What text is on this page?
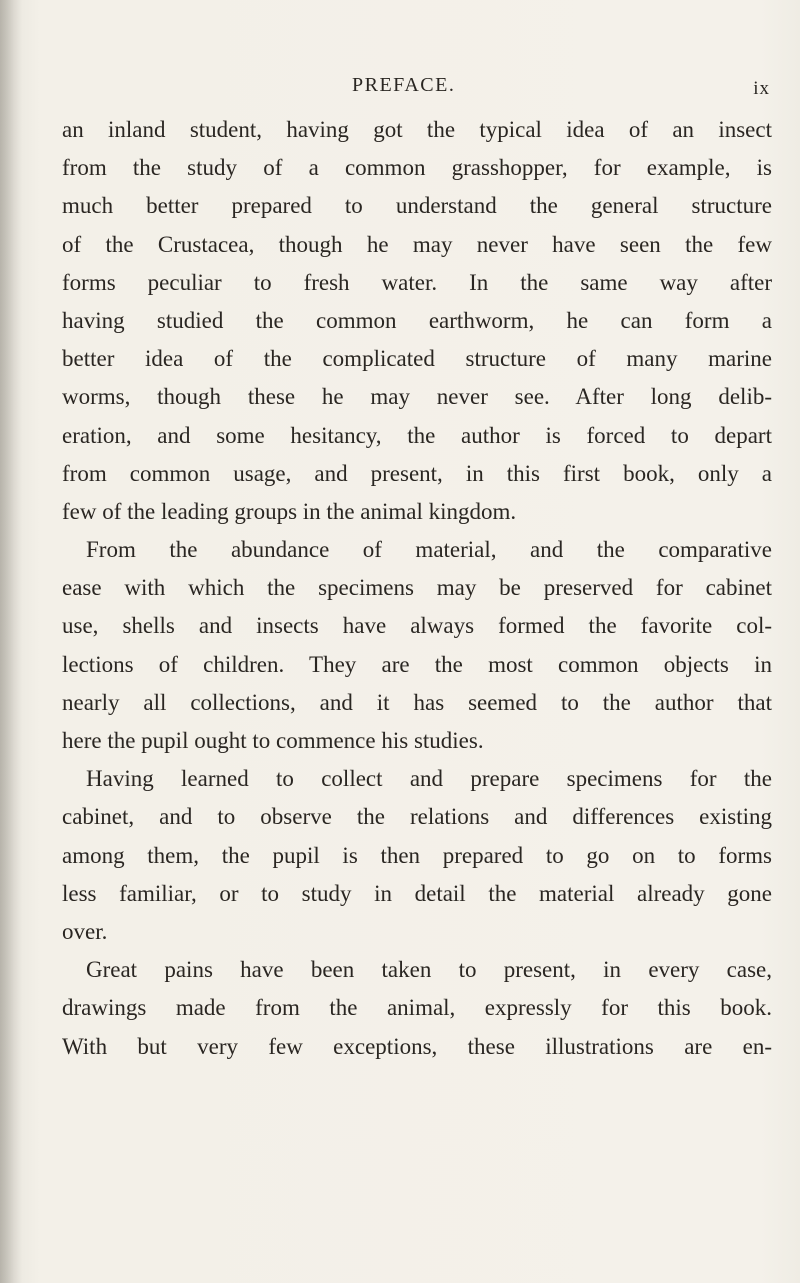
PREFACE.	ix
an inland student, having got the typical idea of an insect
from the study of a common grasshopper, for example, is
much better prepared to understand the general structure
of the Crustacea, though he may never have seen the few
forms peculiar to fresh water. In the same way after
having studied the common earthworm, he can form a
better idea of the complicated structure of many marine
worms, though these he may never see. After long delib-
eration, and some hesitancy, the author is forced to depart
from common usage, and present, in this first book, only a
few of the leading groups in the animal kingdom.
From the abundance of material, and the comparative
ease with which the specimens may be preserved for cabinet
use, shells and insects have always formed the favorite col-
lections of children. They are the most common objects in
nearly all collections, and it has seemed to the author that
here the pupil ought to commence his studies.
Having learned to collect and prepare specimens for the
cabinet, and to observe the relations and differences existing
among them, the pupil is then prepared to go on to forms
less familiar, or to study in detail the material already gone
over.
Great pains have been taken to present, in every case,
drawings made from the animal, expressly for this book.
With but very few exceptions, these illustrations are en-
